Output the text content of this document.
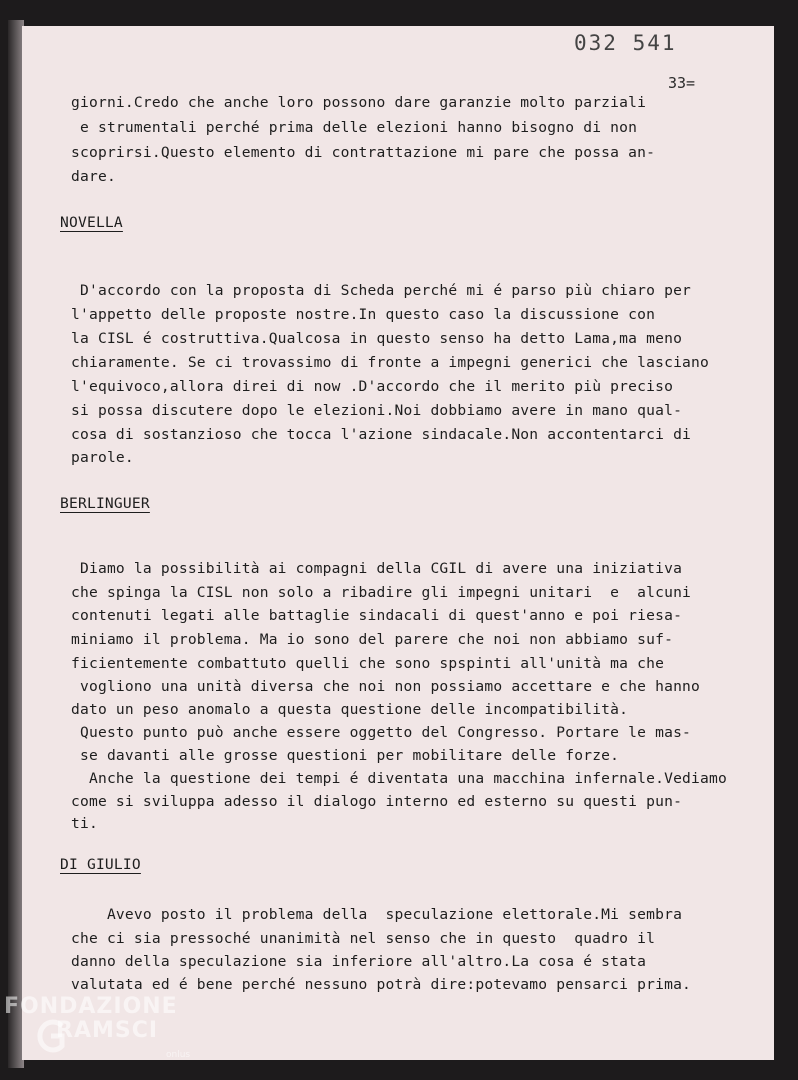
032 541
33=
giorni.Credo che anche loro possono dare garanzie molto parziali
e strumentali perché prima delle elezioni hanno bisogno di non
scoprirsi.Questo elemento di contrattazione mi pare che possa an-
dare.
NOVELLA
D'accordo con la proposta di Scheda perché mi é parso più chiaro per
l'appetto delle proposte nostre.In questo caso la discussione con
la CISL é costruttiva.Qualcosa in questo senso ha detto Lama,ma meno
chiaramente. Se ci trovassimo di fronte a impegni generici che lasciano
l'equivoco,allora direi di now .D'accordo che il merito più preciso
si possa discutere dopo le elezioni.Noi dobbiamo avere in mano qual-
cosa di sostanzioso che tocca l'azione sindacale.Non accontentarci di
parole.
BERLINGUER
Diamo la possibilità ai compagni della CGIL di avere una iniziativa
che spinga la CISL non solo a ribadire gli impegni unitari  e  alcuni
contenuti legati alle battaglie sindacali di quest'anno e poi riesa-
miniamo il problema. Ma io sono del parere che noi non abbiamo suf-
ficientemente combattuto quelli che sono spspinti all'unità ma che
vogliono una unità diversa che noi non possiamo accettare e che hanno
dato un peso anomalo a questa questione delle incompatibilità.
Questo punto può anche essere oggetto del Congresso. Portare le mas-
se davanti alle grosse questioni per mobilitare delle forze.
Anche la questione dei tempi é diventata una macchina infernale.Vediamo
come si sviluppa adesso il dialogo interno ed esterno su questi pun-
ti.
DI GIULIO
Avevo posto il problema della  speculazione elettorale.Mi sembra
che ci sia pressoché unanimità nel senso che in questo  quadro il
danno della speculazione sia inferiore all'altro.La cosa é stata
valutata ed é bene perché nessuno potrà dire:potevamo pensarci prima.
FONDAZIONE
RAMSCI
onlus
